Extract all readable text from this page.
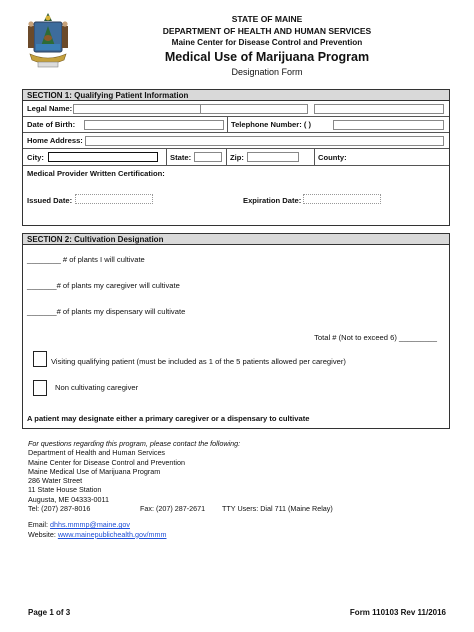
STATE OF MAINE
DEPARTMENT OF HEALTH AND HUMAN SERVICES
Maine Center for Disease Control and Prevention
Medical Use of Marijuana Program
Designation Form
SECTION 1: Qualifying Patient Information
Legal Name:
Date of Birth:	Telephone Number: ( )
Home Address:
City:	State:	Zip:	County:
Medical Provider Written Certification:
Issued Date:	Expiration Date:
SECTION 2: Cultivation Designation
________ # of plants I will cultivate
_______# of plants my caregiver will cultivate
_______# of plants my dispensary will cultivate
Total # (Not to exceed 6) _________
Visiting qualifying patient (must be included as 1 of the 5 patients allowed per caregiver)
Non cultivating caregiver
A patient may designate either a primary caregiver or a dispensary to cultivate
For questions regarding this program, please contact the following:
Department of Health and Human Services
Maine Center for Disease Control and Prevention
Maine Medical Use of Marijuana Program
286 Water Street
11 State House Station
Augusta, ME 04333-0011
Tel: (207) 287-8016	Fax: (207) 287-2671 TTY Users: Dial 711 (Maine Relay)
Email: dhhs.mmmp@maine.gov
Website: www.mainepublichealth.gov/mmm
Page 1 of 3	Form 110103 Rev 11/2016
